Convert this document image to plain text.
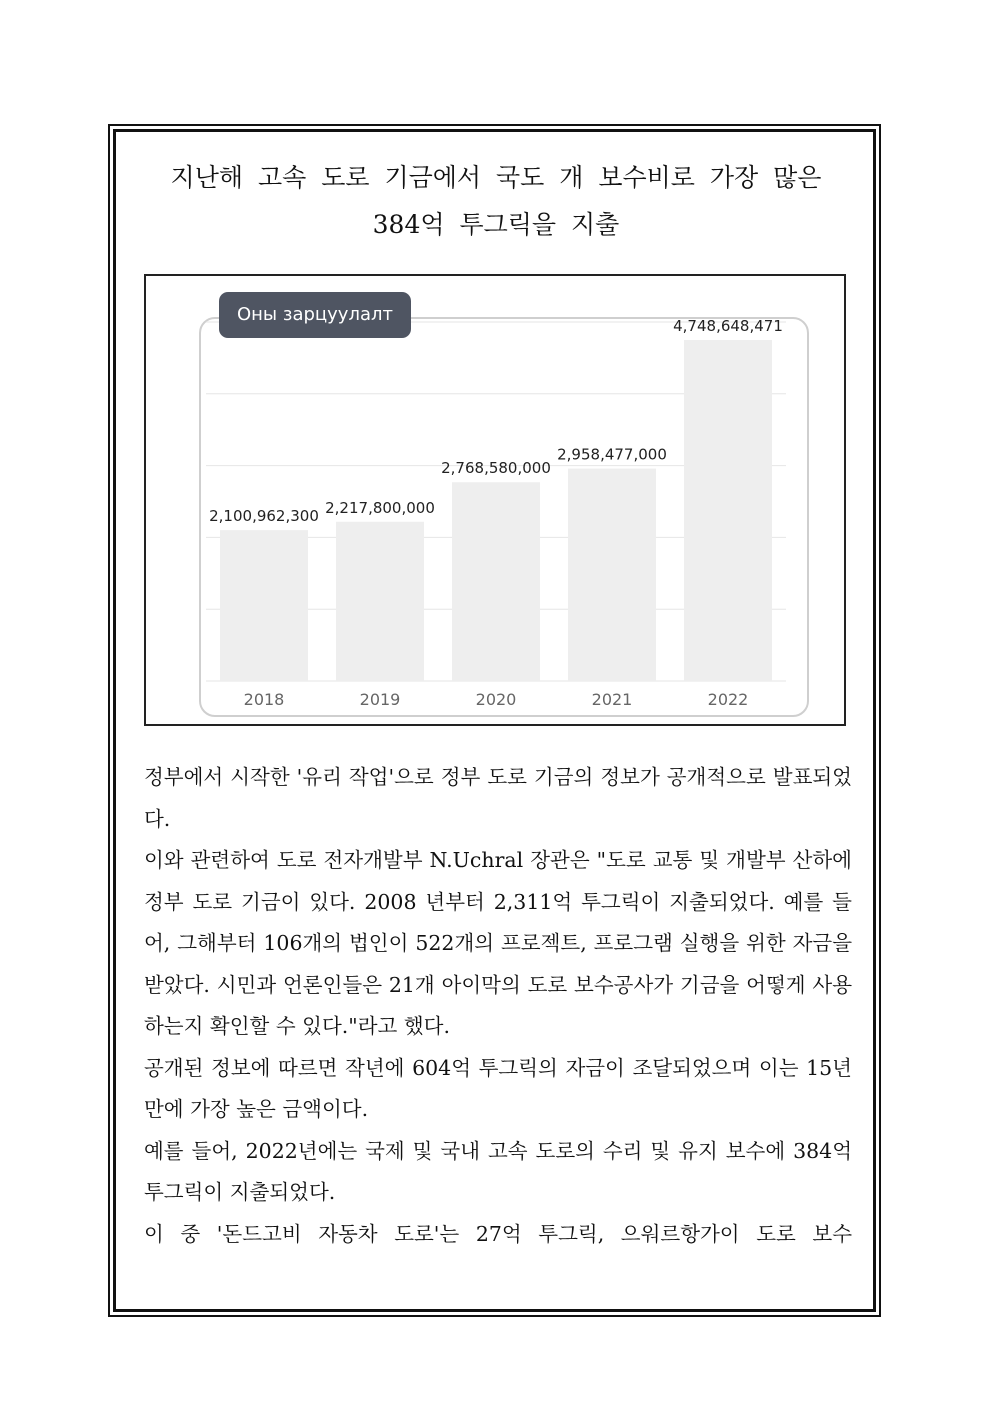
지난해 고속 도로 기금에서 국도 개 보수비로 가장 많은
384억 투그릭을 지출
2,100,962,300
2018
2,217,800,000
2019
2,768,580,000
2020
2,958,477,000
2021
4,748,648,471
2022
Оны зарцуулалт
정부에서 시작한 '유리 작업'으로 정부 도로 기금의 정보가 공개적으로 발표되었다.
이와 관련하여 도로 전자개발부 N.Uchral 장관은 "도로 교통 및 개발부 산하에 정부 도로 기금이 있다. 2008 년부터 2,311억 투그릭이 지출되었다. 예를 들어, 그해부터 106개의 법인이 522개의 프로젝트, 프로그램 실행을 위한 자금을 받았다. 시민과 언론인들은 21개 아이막의 도로 보수공사가 기금을 어떻게 사용하는지 확인할 수 있다."라고 했다.
공개된 정보에 따르면 작년에 604억 투그릭의 자금이 조달되었으며 이는 15년 만에 가장 높은 금액이다.
예를 들어, 2022년에는 국제 및 국내 고속 도로의 수리 및 유지 보수에 384억 투그릭이 지출되었다.
이 중 '돈드고비 자동차 도로'는 27억 투그릭, 으워르항가이 도로 보수
